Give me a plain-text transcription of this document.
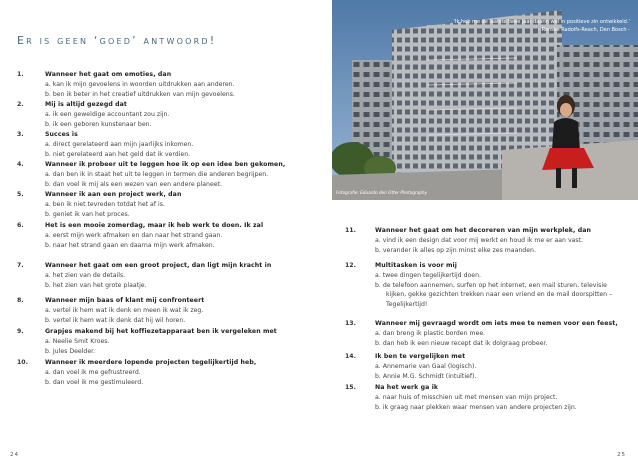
Er is geen ‘goed’ antwoord!
1.	Wanneer het gaat om emoties, dan
a. kan ik mijn gevoelens in woorden uitdrukken aan anderen.
b. ben ik beter in het creatief uitdrukken van mijn gevoelens.
2.	Mij is altijd gezegd dat
a. ik een geweldige accountant zou zijn.
b. ik een geboren kunstenaar ben.
3.	Succes is
a. direct gerelateerd aan mijn jaarlijks inkomen.
b. niet gerelateerd aan het geld dat ik verdien.
4.	Wanneer ik probeer uit te leggen hoe ik op een idee ben gekomen,
a. dan ben ik in staat het uit te leggen in termen die anderen begrijpen.
b. dan voel ik mij als een wezen van een andere planeet.
5.	Wanneer ik aan een project werk, dan
a. ben ik niet tevreden totdat het af is.
b. geniet ik van het proces.
6.	Het is een mooie zomerdag, maar ik heb werk te doen. Ik zal
a. eerst mijn werk afmaken en dan naar het strand gaan.
b. naar het strand gaan en daarna mijn werk afmaken.
7.	Wanneer het gaat om een groot project, dan ligt mijn kracht in
a. het zien van de details.
b. het zien van het grote plaatje.
8.	Wanneer mijn baas of klant mij confronteert
a. vertel ik hem wat ik denk en meen ik wat ik zeg.
b. vertel ik hem wat ik denk dat hij wil horen.
9.	Grapjes makend bij het koffiezetapparaat ben ik vergeleken met
a. Neelie Smit Kroes.
b. Jules Deelder.
10.	Wanneer ik meerdere lopende projecten tegelijkertijd heb,
a. dan voel ik me gefrustreerd.
b. dan voel ik me gestimuleerd.
‘Ik heb me de laatste twee jaar daarin wel in positieve zin ontwikkeld.’
- Renske Radolfs-Reach, Den Bosch -
Fotografie: Eduardo den Otter Photography
11.	Wanneer het gaat om het decoreren van mijn werkplek, dan
a. vind ik een design dat voor mij werkt en houd ik me er aan vast.
b. verander ik alles op zijn minst elke zes maanden.
12.	Multitasken is voor mij
a. twee dingen tegelijkertijd doen.
b. de telefoon aannemen, surfen op het internet, een mail sturen, televisie
kijken, gekke gezichten trekken naar een vriend en de mail doorspitten –
Tegelijkertijd!
13.	Wanneer mij gevraagd wordt om iets mee te nemen voor een feest,
a. dan breng ik plastic borden mee.
b. dan heb ik een nieuw recept dat ik dolgraag probeer.
14.	Ik ben te vergelijken met
a. Annemarie van Gaal (logisch).
b. Annie M.G. Schmidt (intuïtief).
15.	Na het werk ga ik
a. naar huis of misschien uit met mensen van mijn project.
b. ik graag naar plekken waar mensen van andere projecten zijn.
24	25
